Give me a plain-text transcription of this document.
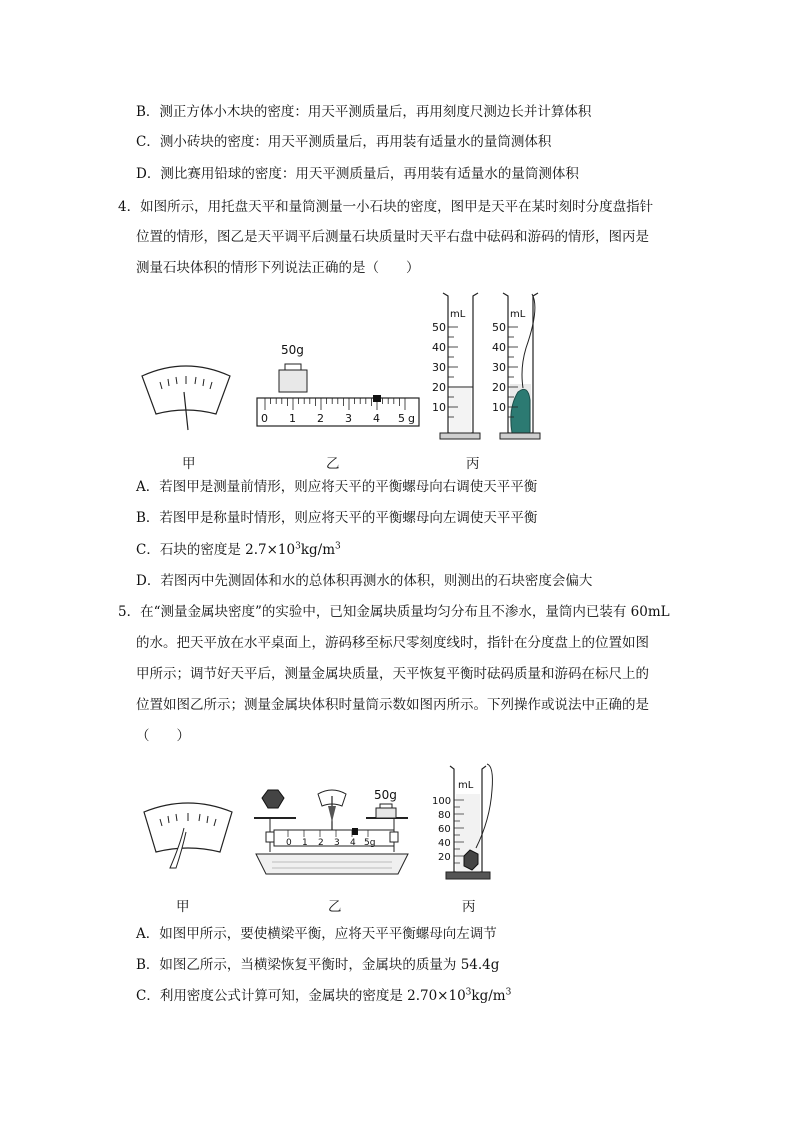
B．测正方体小木块的密度：用天平测质量后，再用刻度尺测边长并计算体积
C．测小砖块的密度：用天平测质量后，再用装有适量水的量筒测体积
D．测比赛用铅球的密度：用天平测质量后，再用装有适量水的量筒测体积
4．如图所示，用托盘天平和量筒测量一小石块的密度，图甲是天平在某时刻时分度盘指针
位置的情形，图乙是天平调平后测量石块质量时天平右盘中砝码和游码的情形，图丙是
测量石块体积的情形下列说法正确的是（　　）
甲
50g
0 1 2 3 4 5 g
乙
mL
50
40
30
20
10
mL
50
40
30
20
10
丙
A．若图甲是测量前情形，则应将天平的平衡螺母向右调使天平平衡
B．若图甲是称量时情形，则应将天平的平衡螺母向左调使天平平衡
C．石块的密度是 $2.7\times 10^3kg/m^3$
D．若图丙中先测固体和水的总体积再测水的体积，则测出的石块密度会偏大
5．在“测量金属块密度”的实验中，已知金属块质量均匀分布且不渗水，量筒内已装有 60mL
的水。把天平放在水平桌面上，游码移至标尺零刻度线时，指针在分度盘上的位置如图
甲所示；调节好天平后，测量金属块质量，天平恢复平衡时砝码质量和游码在标尺上的
位置如图乙所示；测量金属块体积时量筒示数如图丙所示。下列操作或说法中正确的是
（　　）
甲
50g
0 1 2 3 4 5g
乙
mL
100
80
60
40
20
丙
A．如图甲所示，要使横梁平衡，应将天平平衡螺母向左调节
B．如图乙所示，当横梁恢复平衡时，金属块的质量为 54.4g
C．利用密度公式计算可知，金属块的密度是 $2.70\times 10^3kg/m^3$
